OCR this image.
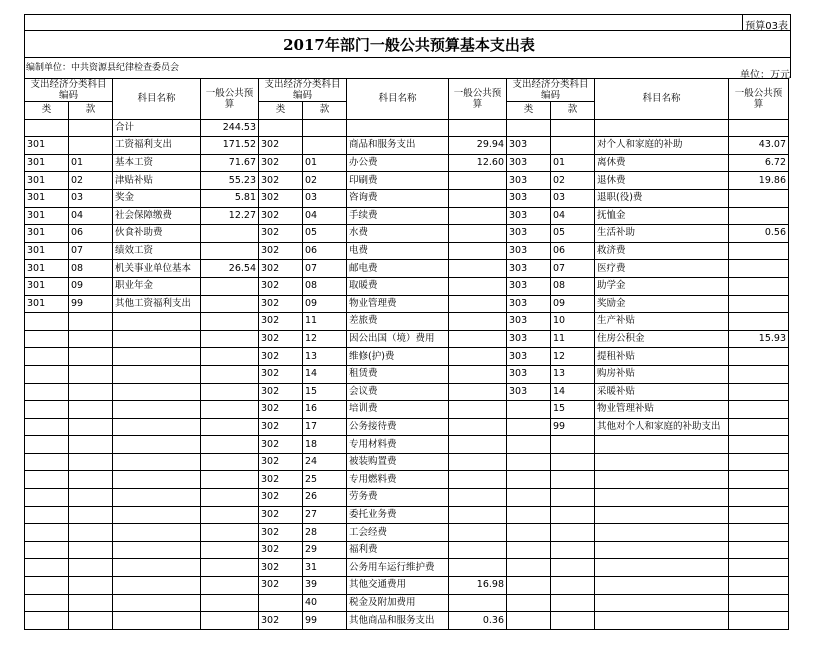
预算03表
2017年部门一般公共预算基本支出表
编制单位：中共资源县纪律检查委员会
单位：万元
支出经济分类科目编码		科目名称	一般公共预算	支出经济分类科目编码		科目名称	一般公共预算	支出经济分类科目编码		科目名称	一般公共预算
类	款			类	款			类	款		
		合计	244.53								
301		工资福利支出	171.52	302		商品和服务支出	29.94	303		对个人和家庭的补助	43.07
301	01	基本工资	71.67	302	01	办公费	12.60	303	01	离休费	6.72
301	02	津贴补贴	55.23	302	02	印刷费		303	02	退休费	19.86
301	03	奖金	5.81	302	03	咨询费		303	03	退职(役)费	
301	04	社会保障缴费	12.27	302	04	手续费		303	04	抚恤金	
301	06	伙食补助费		302	05	水费		303	05	生活补助	0.56
301	07	绩效工资		302	06	电费		303	06	救济费	
301	08	机关事业单位基本	26.54	302	07	邮电费		303	07	医疗费	
301	09	职业年金		302	08	取暖费		303	08	助学金	
301	99	其他工资福利支出		302	09	物业管理费		303	09	奖励金	
				302	11	差旅费		303	10	生产补贴	
				302	12	因公出国（境）费用		303	11	住房公积金	15.93
				302	13	维修(护)费		303	12	提租补贴	
				302	14	租赁费		303	13	购房补贴	
				302	15	会议费		303	14	采暖补贴	
				302	16	培训费			15	物业管理补贴	
				302	17	公务接待费			99	其他对个人和家庭的补助支出	
				302	18	专用材料费					
				302	24	被装购置费					
				302	25	专用燃料费					
				302	26	劳务费					
				302	27	委托业务费					
				302	28	工会经费					
				302	29	福利费					
				302	31	公务用车运行维护费					
				302	39	其他交通费用	16.98				
					40	税金及附加费用					
				302	99	其他商品和服务支出	0.36				
